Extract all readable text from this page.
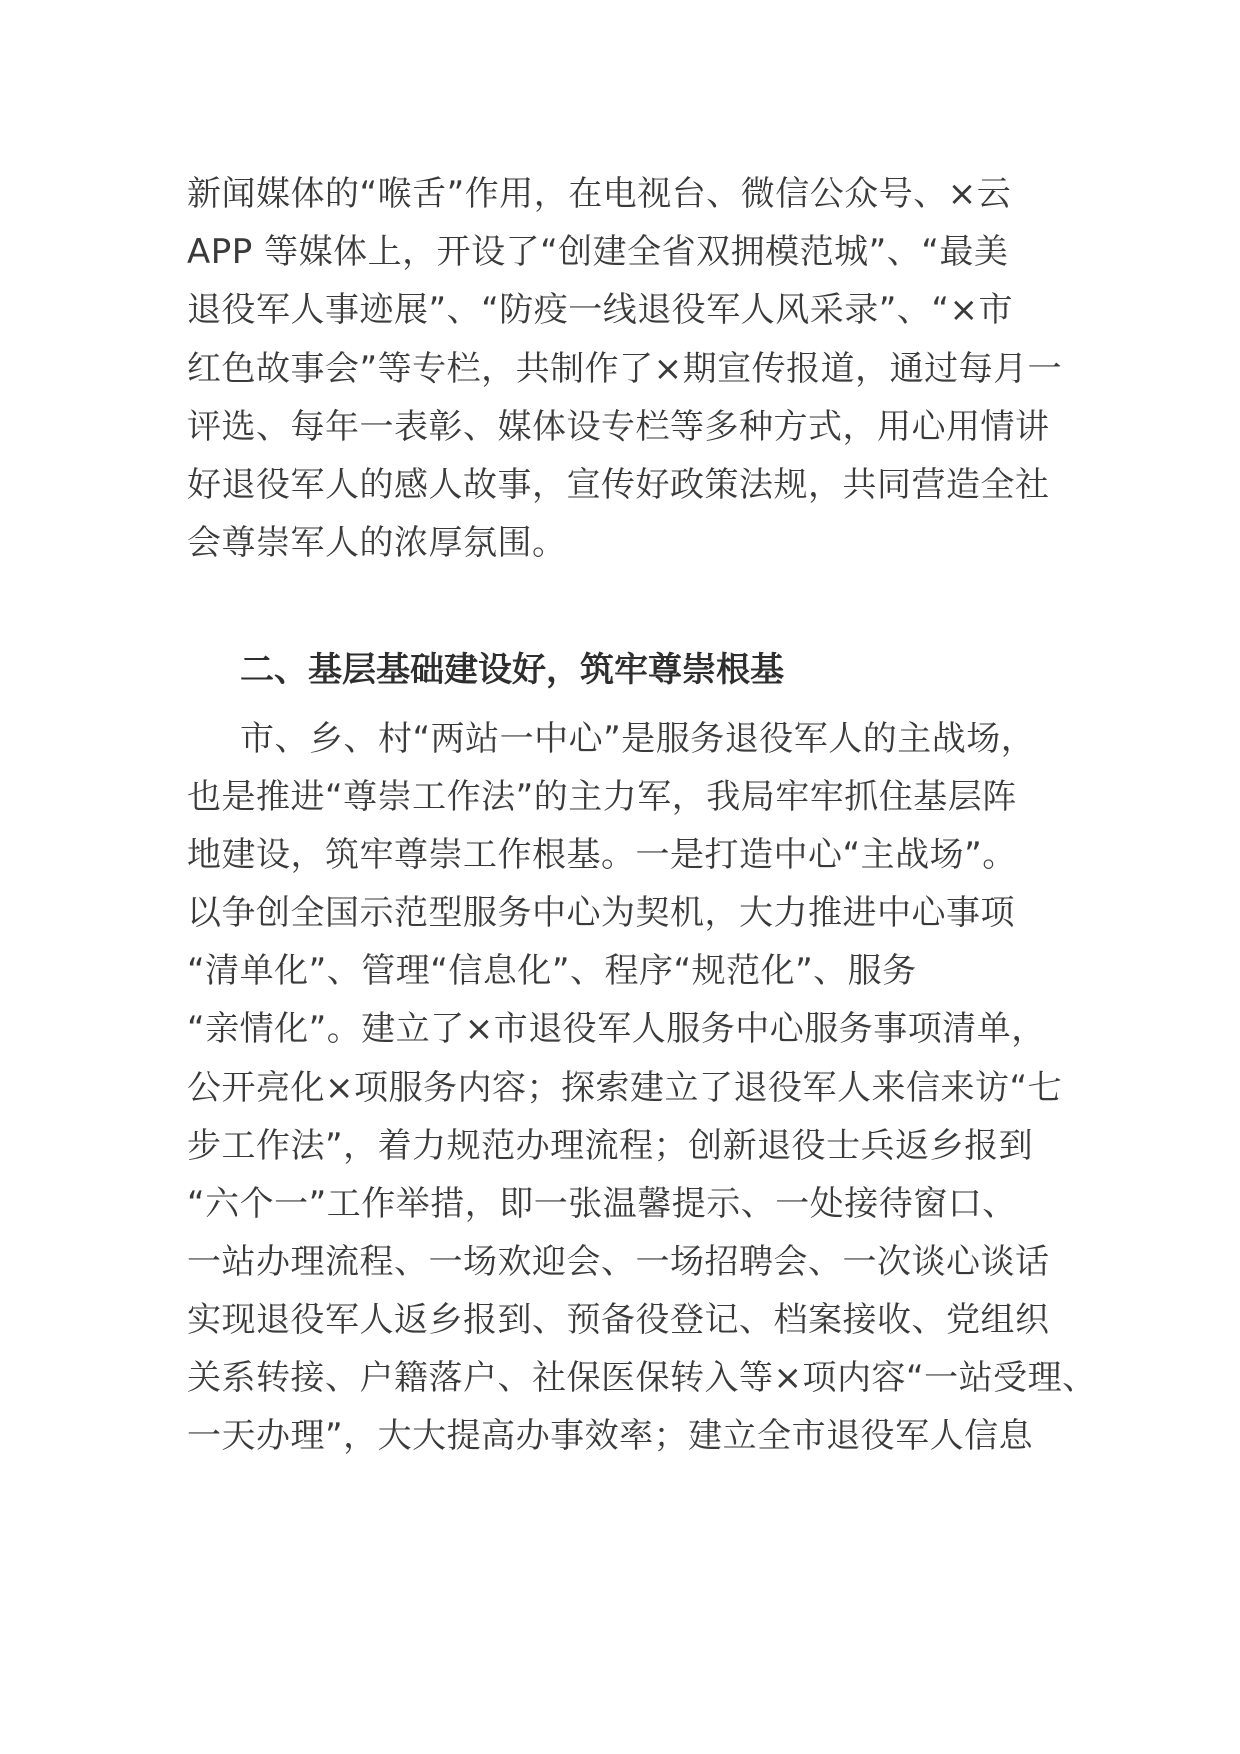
新闻媒体的“喉舌”作用，在电视台、微信公众号、×云
APP 等媒体上，开设了“创建全省双拥模范城”、“最美
退役军人事迹展”、“防疫一线退役军人风采录”、“×市
红色故事会”等专栏，共制作了×期宣传报道，通过每月一
评选、每年一表彰、媒体设专栏等多种方式，用心用情讲
好退役军人的感人故事，宣传好政策法规，共同营造全社
会尊崇军人的浓厚氛围。
二、基层基础建设好，筑牢尊崇根基
市、乡、村“两站一中心”是服务退役军人的主战场，
也是推进“尊崇工作法”的主力军，我局牢牢抓住基层阵
地建设，筑牢尊崇工作根基。一是打造中心“主战场”。
以争创全国示范型服务中心为契机，大力推进中心事项
“清单化”、管理“信息化”、程序“规范化”、服务
“亲情化”。建立了×市退役军人服务中心服务事项清单，
公开亮化×项服务内容；探索建立了退役军人来信来访“七
步工作法”，着力规范办理流程；创新退役士兵返乡报到
“六个一”工作举措，即一张温馨提示、一处接待窗口、
一站办理流程、一场欢迎会、一场招聘会、一次谈心谈话
实现退役军人返乡报到、预备役登记、档案接收、党组织
关系转接、户籍落户、社保医保转入等×项内容“一站受理、
一天办理”，大大提高办事效率；建立全市退役军人信息
